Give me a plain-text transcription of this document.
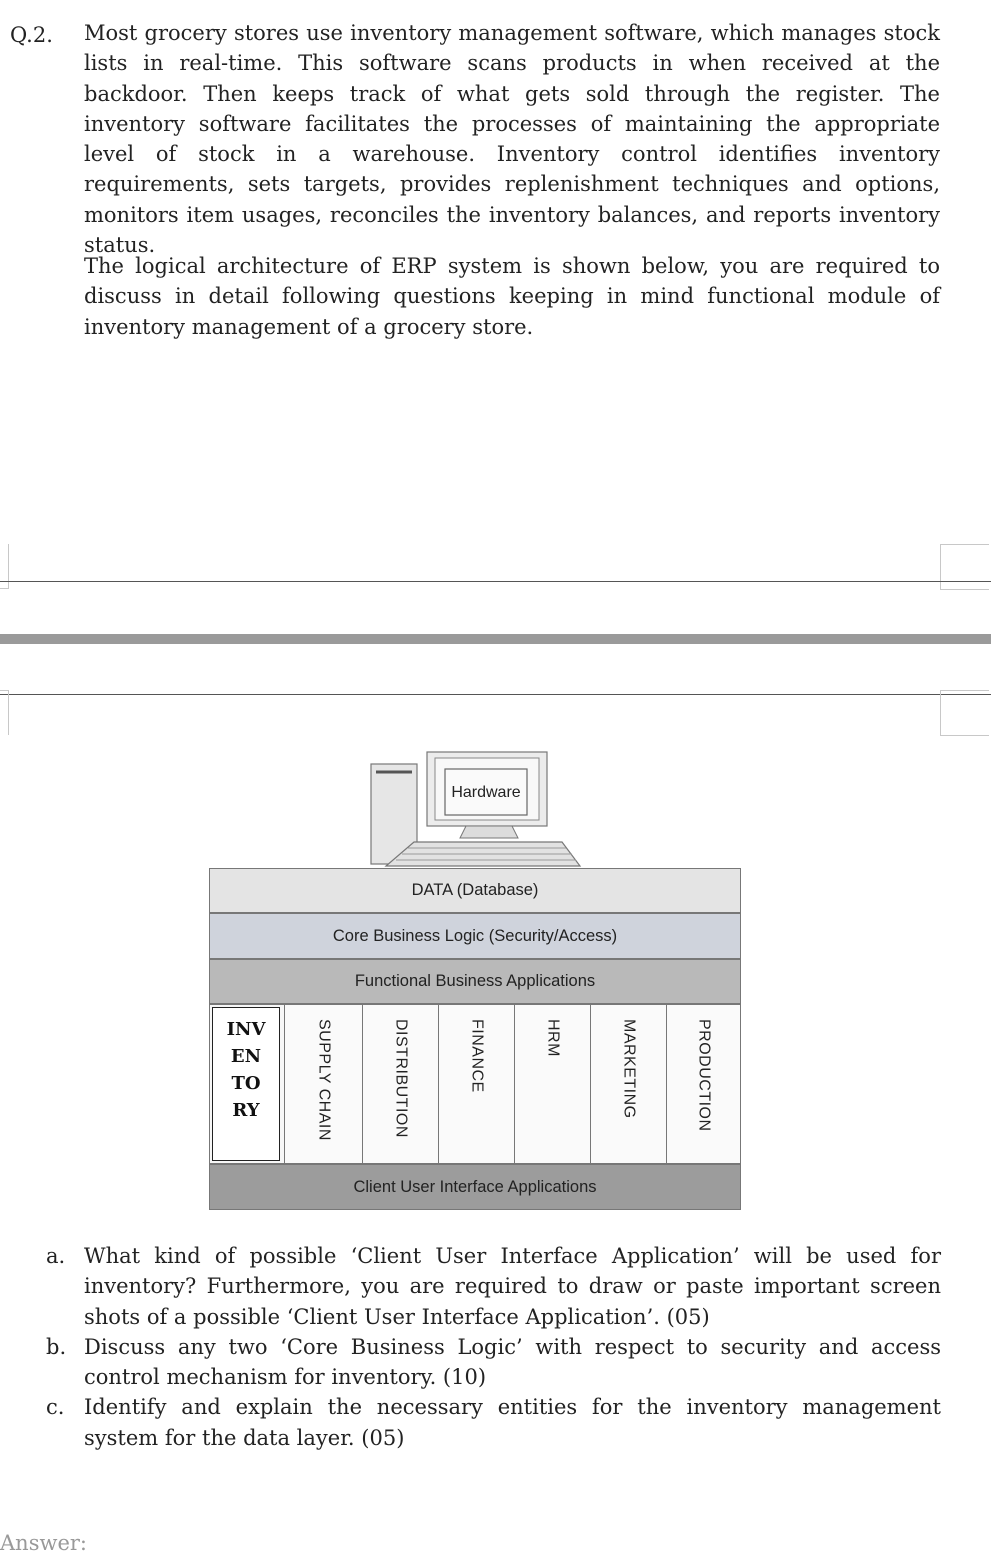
Q.2. Most grocery stores use inventory management software, which manages stock lists in real-time. This software scans products in when received at the backdoor. Then keeps track of what gets sold through the register. The inventory software facilitates the processes of maintaining the appropriate level of stock in a warehouse. Inventory control identifies inventory requirements, sets targets, provides replenishment techniques and options, monitors item usages, reconciles the inventory balances, and reports inventory status.

The logical architecture of ERP system is shown below, you are required to discuss in detail following questions keeping in mind functional module of inventory management of a grocery store.

Hardware
DATA (Database)
Core Business Logic (Security/Access)
Functional Business Applications
INV
EN
TO
RY	SUPPLY CHAIN	DISTRIBUTION	FINANCE	HRM	MARKETING	PRODUCTION
Client User Interface Applications
a. What kind of possible ‘Client User Interface Application’ will be used for inventory? Furthermore, you are required to draw or paste important screen shots of a possible ‘Client User Interface Application’. (05)
b. Discuss any two ‘Core Business Logic’ with respect to security and access control mechanism for inventory. (10)
c. Identify and explain the necessary entities for the inventory management system for the data layer. (05)
Answer:
